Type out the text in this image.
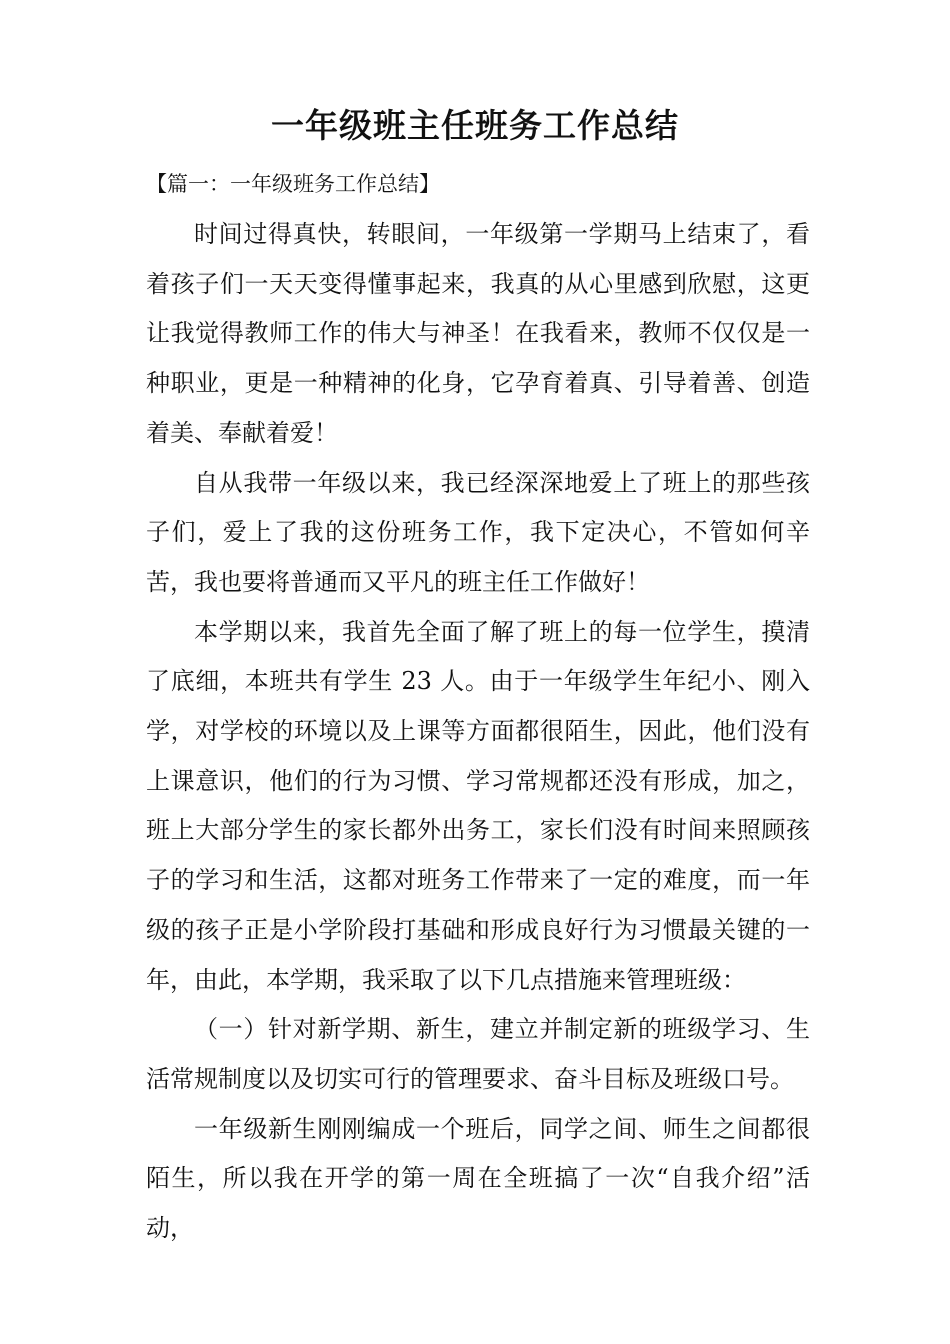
一年级班主任班务工作总结

【篇一：一年级班务工作总结】

时间过得真快，转眼间，一年级第一学期马上结束了，看着孩子们一天天变得懂事起来，我真的从心里感到欣慰，这更让我觉得教师工作的伟大与神圣！在我看来，教师不仅仅是一种职业，更是一种精神的化身，它孕育着真、引导着善、创造着美、奉献着爱！

自从我带一年级以来，我已经深深地爱上了班上的那些孩子们，爱上了我的这份班务工作，我下定决心，不管如何辛苦，我也要将普通而又平凡的班主任工作做好！

本学期以来，我首先全面了解了班上的每一位学生，摸清了底细，本班共有学生 23 人。由于一年级学生年纪小、刚入学，对学校的环境以及上课等方面都很陌生，因此，他们没有上课意识，他们的行为习惯、学习常规都还没有形成，加之，班上大部分学生的家长都外出务工，家长们没有时间来照顾孩子的学习和生活，这都对班务工作带来了一定的难度，而一年级的孩子正是小学阶段打基础和形成良好行为习惯最关键的一年，由此，本学期，我采取了以下几点措施来管理班级：

（一）针对新学期、新生，建立并制定新的班级学习、生活常规制度以及切实可行的管理要求、奋斗目标及班级口号。

一年级新生刚刚编成一个班后，同学之间、师生之间都很陌生，所以我在开学的第一周在全班搞了一次“自我介绍”活动，
